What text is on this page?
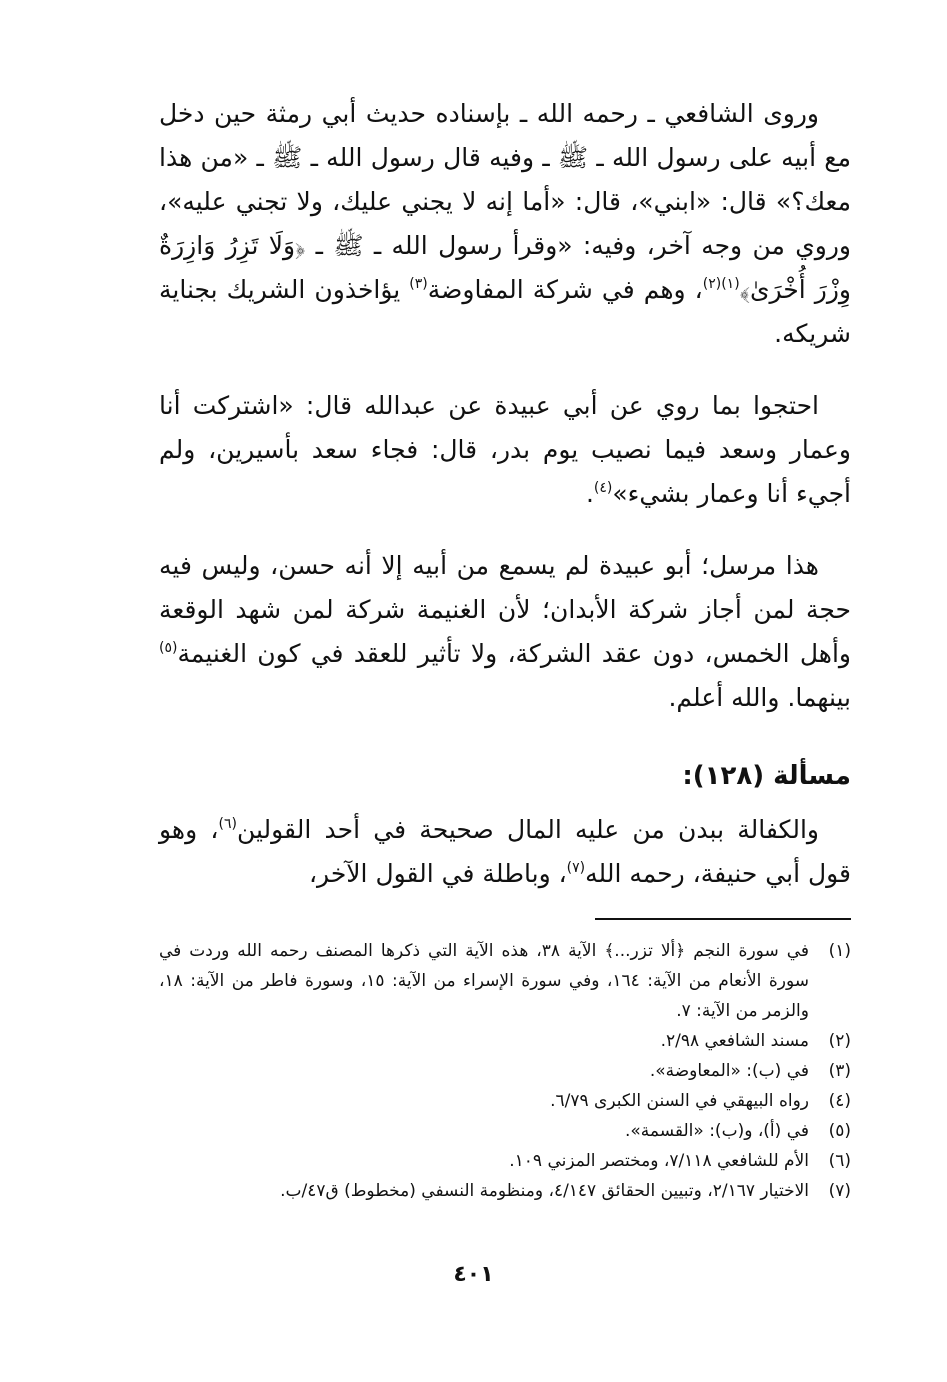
وروى الشافعي ـ رحمه الله ـ بإسناده حديث أبي رمثة حين دخل مع أبيه على رسول الله ـ ﷺ ـ وفيه قال رسول الله ـ ﷺ ـ «من هذا معك؟» قال: «ابني»، قال: «أما إنه لا يجني عليك، ولا تجني عليه»، وروي من وجه آخر، وفيه: «وقرأ رسول الله ـ ﷺ ـ ﴿وَلَا تَزِرُ وَازِرَةٌ وِزْرَ أُخْرَىٰ﴾$^{(١)(٢)}$، وهم في شركة المفاوضة$^{(٣)}$ يؤاخذون الشريك بجناية شريكه.

احتجوا بما روي عن أبي عبيدة عن عبدالله قال: «اشتركت أنا وعمار وسعد فيما نصيب يوم بدر، قال: فجاء سعد بأسيرين، ولم أجيء أنا وعمار بشيء»$^{(٤)}$.

هذا مرسل؛ أبو عبيدة لم يسمع من أبيه إلا أنه حسن، وليس فيه حجة لمن أجاز شركة الأبدان؛ لأن الغنيمة شركة لمن شهد الوقعة وأهل الخمس، دون عقد الشركة، ولا تأثير للعقد في كون الغنيمة$^{(٥)}$ بينهما. والله أعلم.

مسألة (١٢٨):

والكفالة ببدن من عليه المال صحيحة في أحد القولين$^{(٦)}$، وهو قول أبي حنيفة، رحمه الله$^{(٧)}$، وباطلة في القول الآخر،

(١)
في سورة النجم ﴿ألا تزر...﴾ الآية ٣٨، هذه الآية التي ذكرها المصنف رحمه الله وردت في سورة الأنعام من الآية: ١٦٤، وفي سورة الإسراء من الآية: ١٥، وسورة فاطر من الآية: ١٨، والزمر من الآية: ٧.
(٢)
مسند الشافعي ٢/٩٨.
(٣)
في (ب): «المعاوضة».
(٤)
رواه البيهقي في السنن الكبرى ٦/٧٩.
(٥)
في (أ)، و(ب): «القسمة».
(٦)
الأم للشافعي ٧/١١٨، ومختصر المزني ١٠٩.
(٧)
الاختيار ٢/١٦٧، وتبيين الحقائق ٤/١٤٧، ومنظومة النسفي (مخطوط) ق٤٧/ب.
٤٠١
